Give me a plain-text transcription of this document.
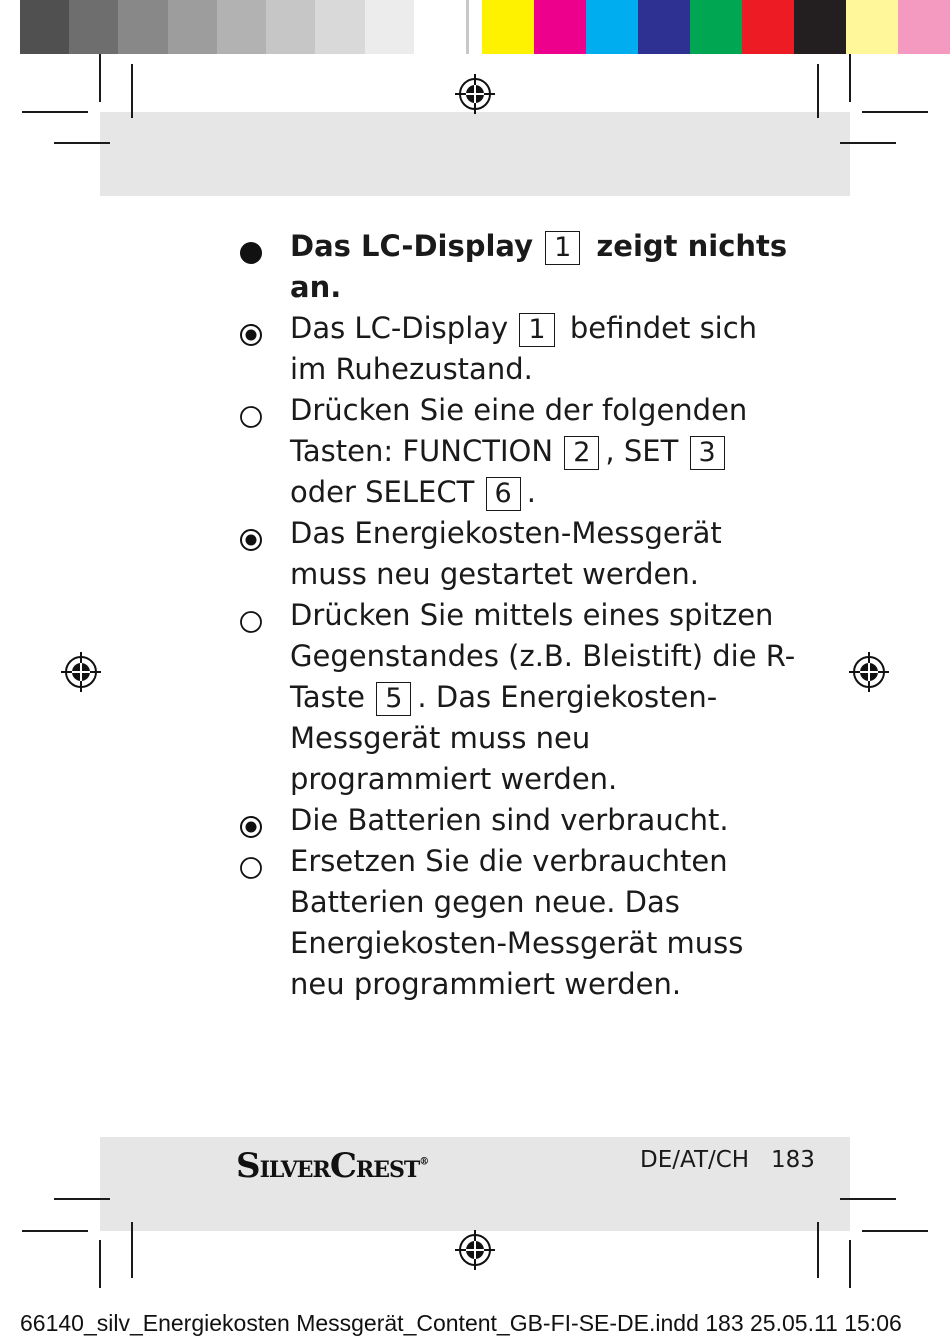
Das LC-Display 1 zeigt nichts an.
Das LC-Display 1 befindet sich im Ruhezustand.
Drücken Sie eine der folgenden Tasten: FUNCTION 2 , SET 3 oder SELECT 6 .
Das Energiekosten-Messgerät muss neu gestartet werden.
Drücken Sie mittels eines spitzen Gegenstandes (z.B. Bleistift) die R-Taste 5 . Das Energiekosten-Messgerät muss neu programmiert werden.
Die Batterien sind verbraucht.
Ersetzen Sie die verbrauchten Batterien gegen neue. Das Energiekosten-Messgerät muss neu programmiert werden.
SILVERCREST®	DE/AT/CH 183
66140_silv_Energiekosten Messgerät_Content_GB-FI-SE-DE.indd 183 25.05.11 15:06
